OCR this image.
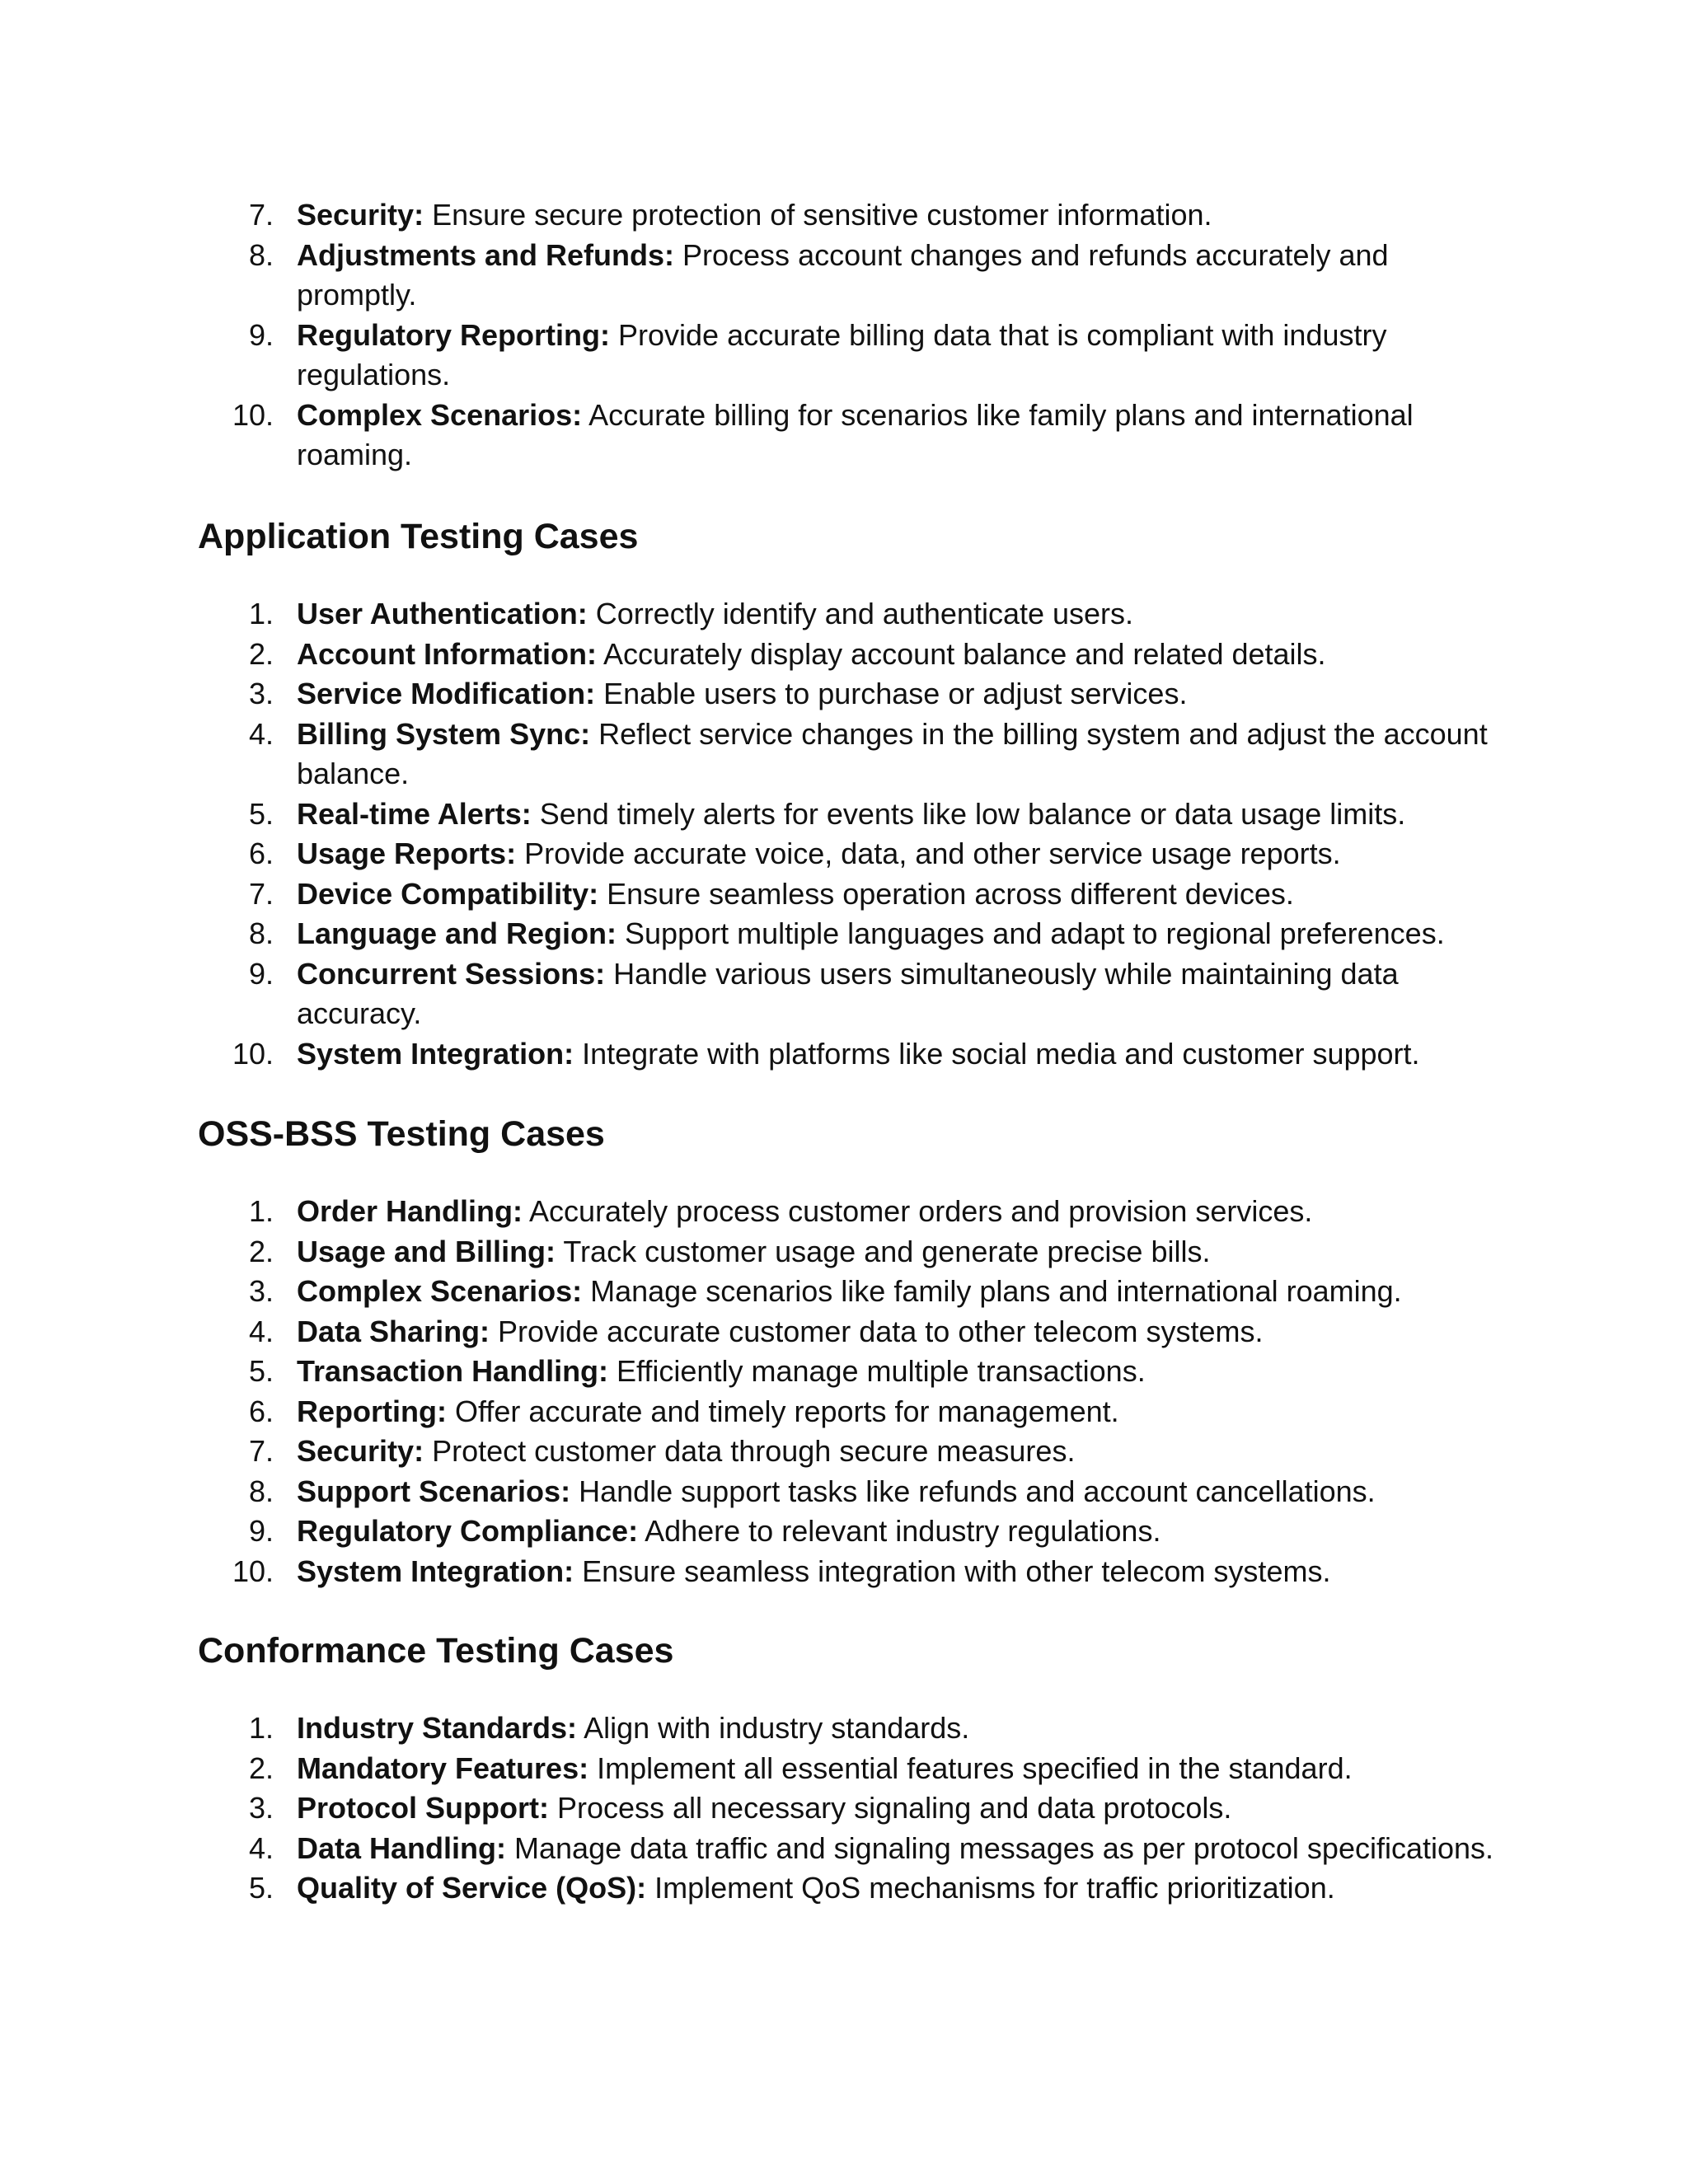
7. Security: Ensure secure protection of sensitive customer information.
8. Adjustments and Refunds: Process account changes and refunds accurately and promptly.
9. Regulatory Reporting: Provide accurate billing data that is compliant with industry regulations.
10. Complex Scenarios: Accurate billing for scenarios like family plans and international roaming.
Application Testing Cases
1. User Authentication: Correctly identify and authenticate users.
2. Account Information: Accurately display account balance and related details.
3. Service Modification: Enable users to purchase or adjust services.
4. Billing System Sync: Reflect service changes in the billing system and adjust the account balance.
5. Real-time Alerts: Send timely alerts for events like low balance or data usage limits.
6. Usage Reports: Provide accurate voice, data, and other service usage reports.
7. Device Compatibility: Ensure seamless operation across different devices.
8. Language and Region: Support multiple languages and adapt to regional preferences.
9. Concurrent Sessions: Handle various users simultaneously while maintaining data accuracy.
10. System Integration: Integrate with platforms like social media and customer support.
OSS-BSS Testing Cases
1. Order Handling: Accurately process customer orders and provision services.
2. Usage and Billing: Track customer usage and generate precise bills.
3. Complex Scenarios: Manage scenarios like family plans and international roaming.
4. Data Sharing: Provide accurate customer data to other telecom systems.
5. Transaction Handling: Efficiently manage multiple transactions.
6. Reporting: Offer accurate and timely reports for management.
7. Security: Protect customer data through secure measures.
8. Support Scenarios: Handle support tasks like refunds and account cancellations.
9. Regulatory Compliance: Adhere to relevant industry regulations.
10. System Integration: Ensure seamless integration with other telecom systems.
Conformance Testing Cases
1. Industry Standards: Align with industry standards.
2. Mandatory Features: Implement all essential features specified in the standard.
3. Protocol Support: Process all necessary signaling and data protocols.
4. Data Handling: Manage data traffic and signaling messages as per protocol specifications.
5. Quality of Service (QoS): Implement QoS mechanisms for traffic prioritization.
